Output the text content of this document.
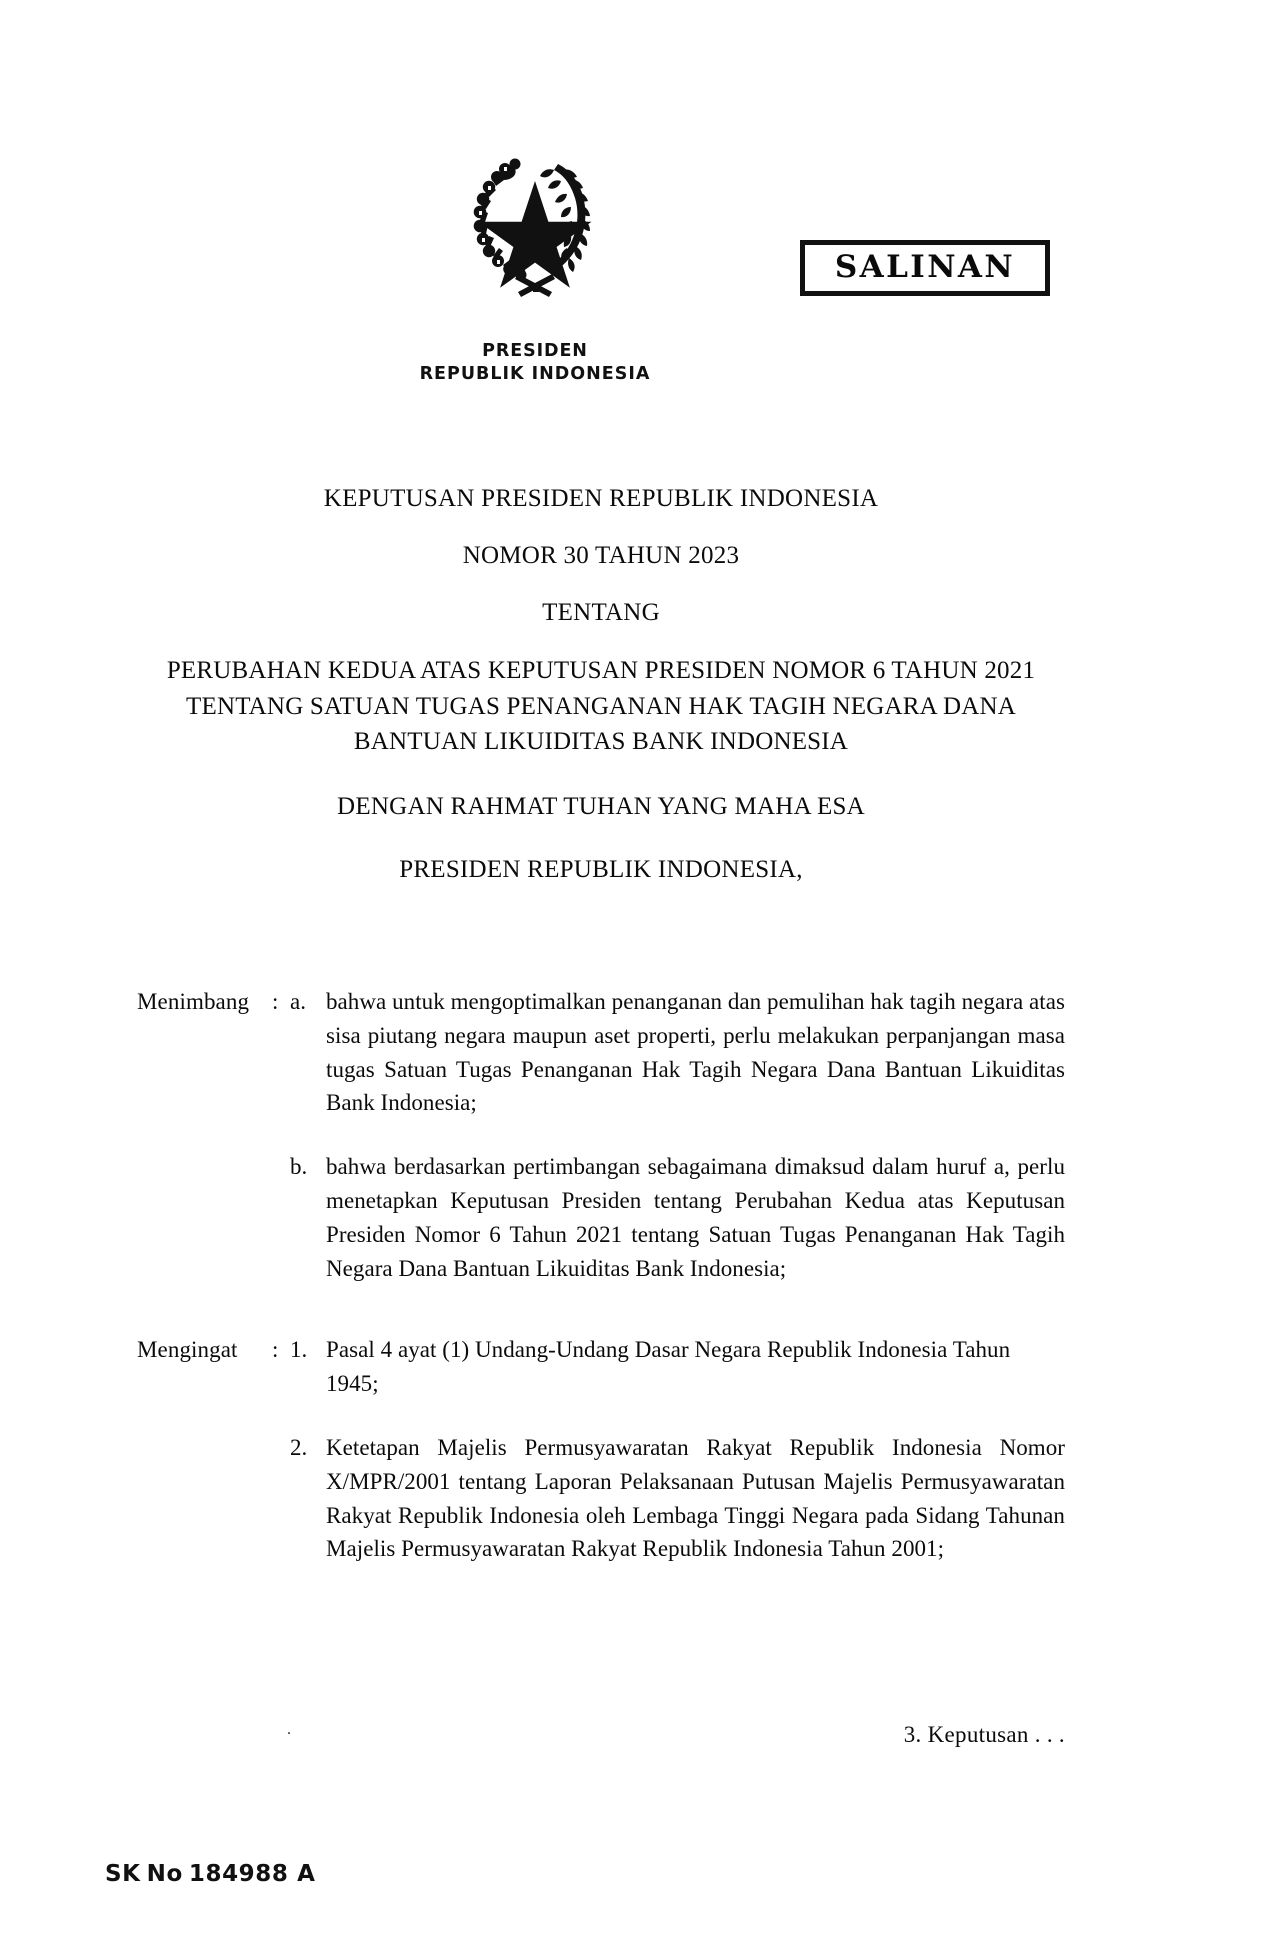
PRESIDEN
REPUBLIK INDONESIA
SALINAN
KEPUTUSAN PRESIDEN REPUBLIK INDONESIA
NOMOR 30 TAHUN 2023
TENTANG
PERUBAHAN KEDUA ATAS KEPUTUSAN PRESIDEN NOMOR 6 TAHUN 2021
TENTANG SATUAN TUGAS PENANGANAN HAK TAGIH NEGARA DANA
BANTUAN LIKUIDITAS BANK INDONESIA
DENGAN RAHMAT TUHAN YANG MAHA ESA
PRESIDEN REPUBLIK INDONESIA,
Menimbang : a. bahwa untuk mengoptimalkan penanganan dan pemulihan hak tagih negara atas sisa piutang negara maupun aset properti, perlu melakukan perpanjangan masa tugas Satuan Tugas Penanganan Hak Tagih Negara Dana Bantuan Likuiditas Bank Indonesia;
b. bahwa berdasarkan pertimbangan sebagaimana dimaksud dalam huruf a, perlu menetapkan Keputusan Presiden tentang Perubahan Kedua atas Keputusan Presiden Nomor 6 Tahun 2021 tentang Satuan Tugas Penanganan Hak Tagih Negara Dana Bantuan Likuiditas Bank Indonesia;
Mengingat	: 1. Pasal 4 ayat (1) Undang-Undang Dasar Negara Republik Indonesia Tahun 1945;
2. Ketetapan Majelis Permusyawaratan Rakyat Republik Indonesia Nomor X/MPR/2001 tentang Laporan Pelaksanaan Putusan Majelis Permusyawaratan Rakyat Republik Indonesia oleh Lembaga Tinggi Negara pada Sidang Tahunan Majelis Permusyawaratan Rakyat Republik Indonesia Tahun 2001;
.	3. Keputusan . . .
SK No 184988 A
